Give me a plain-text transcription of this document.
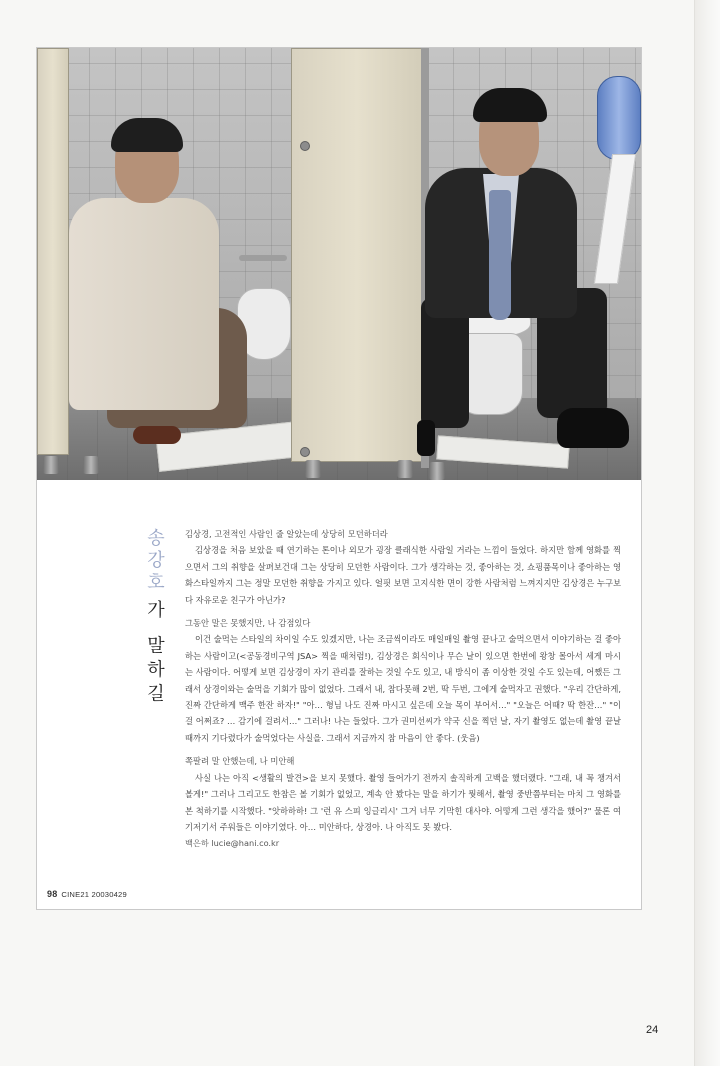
송강호
가 말하길

김상경, 고전적인 사람인 줄 알았는데 상당히 모던하더라

김상경을 처음 보았을 때 연기하는 톤이나 외모가 굉장 클래식한 사람일 거라는 느낌이 들었다. 하지만 함께 영화를 찍으면서 그의 취향을 살펴보건대 그는 상당히 모던한 사람이다. 그가 생각하는 것, 좋아하는 것, 쇼핑품목이나 좋아하는 영화스타일까지 그는 정말 모던한 취향을 가지고 있다. 얼핏 보면 고지식한 면이 강한 사람처럼 느껴지지만 김상경은 누구보다 자유로운 친구가 아닌가?

그동안 말은 못했지만, 나 감점있다

이건 술먹는 스타일의 차이일 수도 있겠지만, 나는 조금씩이라도 매일매일 촬영 끝나고 술먹으면서 이야기하는 걸 좋아하는 사람이고(<공동경비구역 JSA> 찍을 때처럼!), 김상경은 회식이나 무슨 날이 있으면 한번에 왕창 몰아서 세게 마시는 사람이다. 어떻게 보면 김상경이 자기 관리를 잘하는 것일 수도 있고, 내 방식이 좀 이상한 것일 수도 있는데, 어쨌든 그래서 상경이와는 술먹을 기회가 많이 없었다. 그래서 내, 참다못해 2번, 딱 두번, 그에게 술먹자고 권했다. "우리 간단하게, 진짜 간단하게 맥주 한잔 하자!" "아… 형님 나도 진짜 마시고 싶은데 오늘 목이 부어서…" "오늘은 어때? 딱 한잔…" "이걸 어쩌죠? … 감기에 걸려서…" 그러나! 나는 들었다. 그가 권미선씨가 약국 신을 찍던 날, 자기 촬영도 없는데 촬영 끝날 때까지 기다렸다가 술먹었다는 사실을. 그래서 지금까지 참 마음이 안 좋다. (웃음)

쪽팔려 말 안했는데, 나 미안해

사실 나는 아직 <생활의 발견>을 보지 못했다. 촬영 들어가기 전까지 솔직하게 고백을 했더랬다. "그래, 내 꼭 챙겨서 볼게!" 그러나 그리고도 한참은 볼 기회가 없었고, 계속 안 봤다는 말을 하기가 뭣해서, 촬영 중반쯤부터는 마치 그 영화를 본 척하기를 시작했다. "앗하하하! 그 '런 유 스피 잉글리시' 그거 너무 기막힌 대사야. 어떻게 그런 생각을 했어?" 물론 여기저기서 주워들은 이야기였다. 아… 미안하다, 상경아. 나 아직도 못 봤다.

백은하 lucie@hani.co.kr

98 CINE21 20030429
24
